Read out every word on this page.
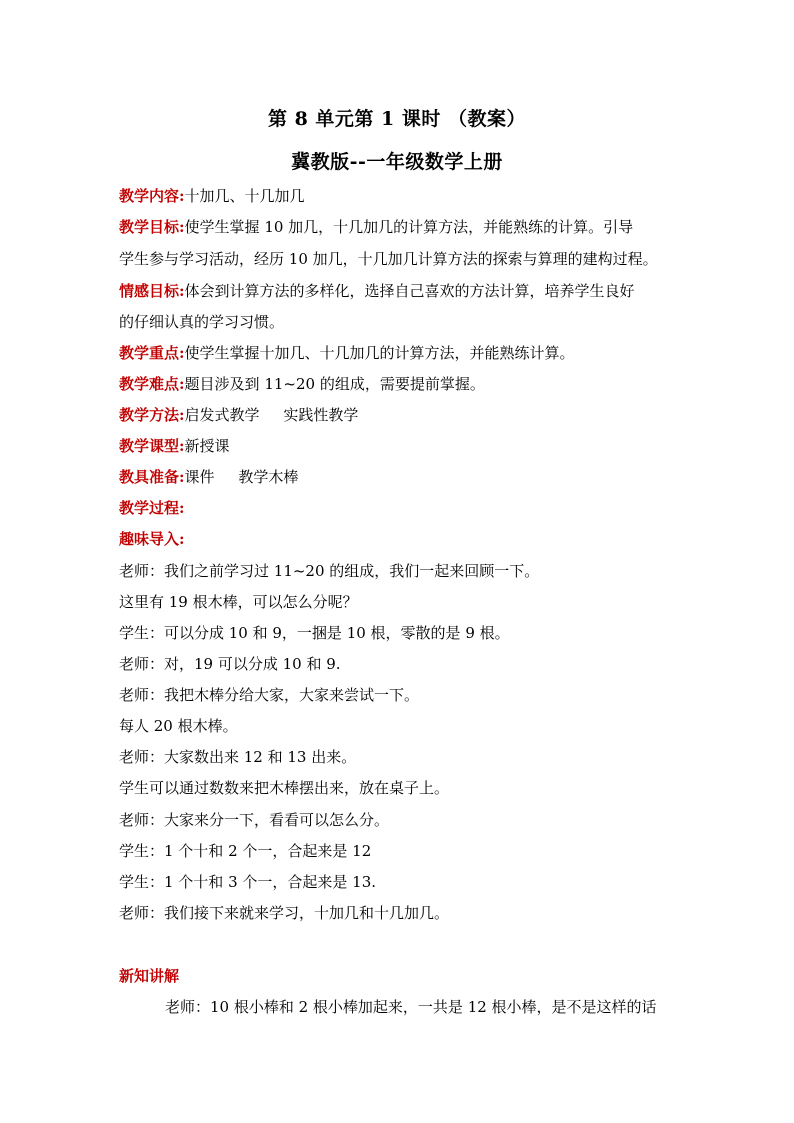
第 8 单元第 1 课时 （教案）
冀教版--一年级数学上册
教学内容:十加几、十几加几
教学目标:使学生掌握 10 加几，十几加几的计算方法，并能熟练的计算。引导
学生参与学习活动，经历 10 加几，十几加几计算方法的探索与算理的建构过程。
情感目标:体会到计算方法的多样化，选择自己喜欢的方法计算，培养学生良好
的仔细认真的学习习惯。
教学重点:使学生掌握十加几、十几加几的计算方法，并能熟练计算。
教学难点:题目涉及到 11~20 的组成，需要提前掌握。
教学方法:启发式教学     实践性教学
教学课型:新授课
教具准备:课件     教学木棒
教学过程:
趣味导入:
老师：我们之前学习过 11~20 的组成，我们一起来回顾一下。
这里有 19 根木棒，可以怎么分呢？
学生：可以分成 10 和 9，一捆是 10 根，零散的是 9 根。
老师：对，19 可以分成 10 和 9.
老师：我把木棒分给大家，大家来尝试一下。
每人 20 根木棒。
老师：大家数出来 12 和 13 出来。
学生可以通过数数来把木棒摆出来，放在桌子上。
老师：大家来分一下，看看可以怎么分。
学生：1 个十和 2 个一，合起来是 12
学生：1 个十和 3 个一，合起来是 13.
老师：我们接下来就来学习，十加几和十几加几。
新知讲解
老师：10 根小棒和 2 根小棒加起来，一共是 12 根小棒，是不是这样的话
